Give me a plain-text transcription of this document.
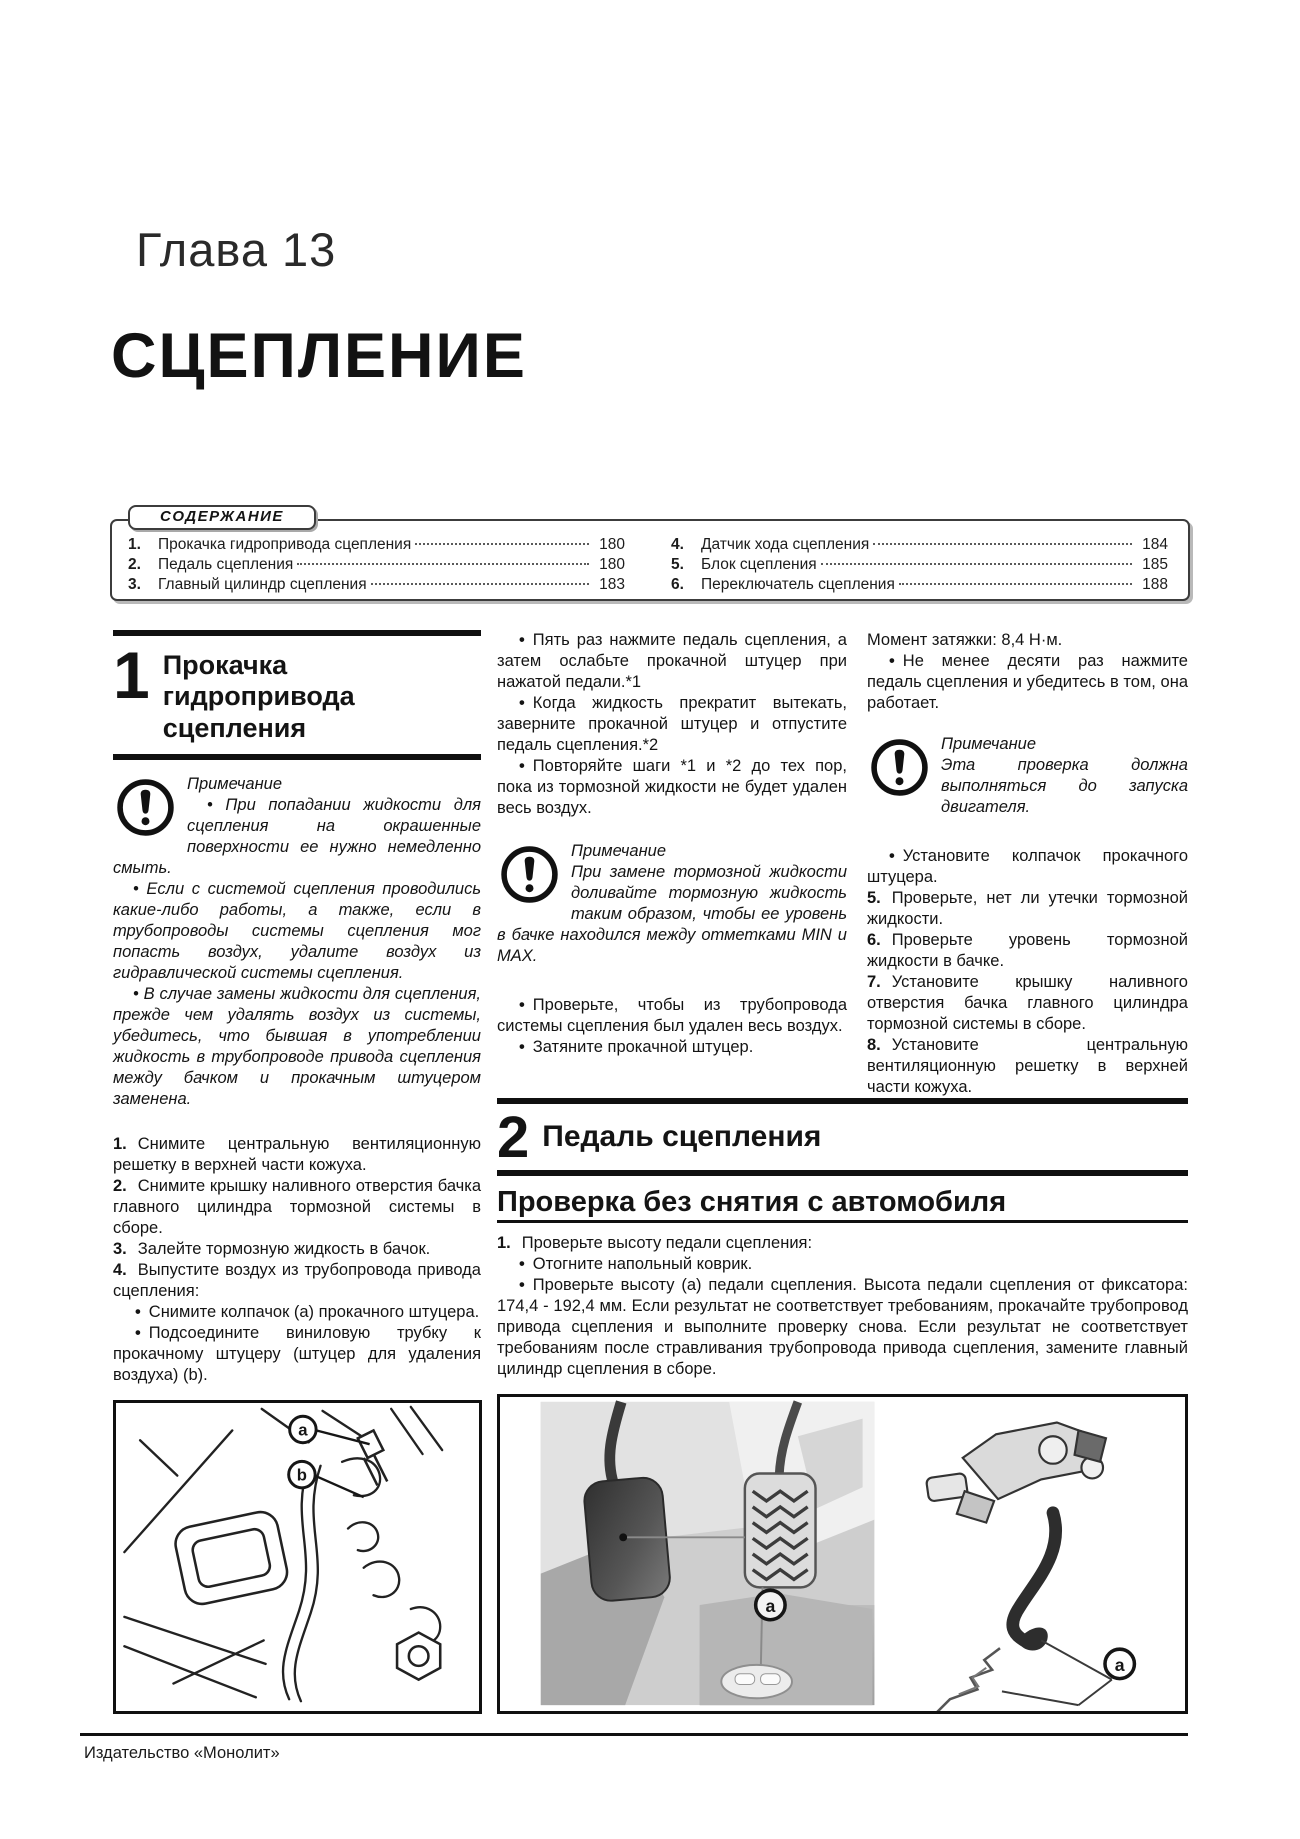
Глава 13
СЦЕПЛЕНИЕ
СОДЕРЖАНИЕ
1.	Прокачка гидропривода сцепления	180
2.	Педаль сцепления	180
3.	Главный цилиндр сцепления	183
4.	Датчик хода сцепления	184
5.	Блок сцепления	185
6.	Переключатель сцепления	188
1 Прокачка гидропривода сцепления

Примечание

• При попадании жидкости для сцепления на окрашенные поверхности ее нужно немедленно смыть.

• Если с системой сцепления проводились какие-либо работы, а также, если в трубопроводы системы сцепления мог попасть воздух, удалите воздух из гидравлической системы сцепления.

• В случае замены жидкости для сцепления, прежде чем удалять воздух из системы, убедитесь, что бывшая в употреблении жидкость в трубопроводе привода сцепления между бачком и прокачным штуцером заменена.

1. Снимите центральную вентиляционную решетку в верхней части кожуха.

2. Снимите крышку наливного отверстия бачка главного цилиндра тормозной системы в сборе.

3. Залейте тормозную жидкость в бачок.

4. Выпустите воздух из трубопровода привода сцепления:

• Снимите колпачок (a) прокачного штуцера.

• Подсоедините виниловую трубку к прокачному штуцеру (штуцер для удаления воздуха) (b).

• Пять раз нажмите педаль сцепления, а затем ослабьте прокачной штуцер при нажатой педали.*1

• Когда жидкость прекратит вытекать, заверните прокачной штуцер и отпустите педаль сцепления.*2

• Повторяйте шаги *1 и *2 до тех пор, пока из тормозной жидкости не будет удален весь воздух.

Примечание

При замене тормозной жидкости доливайте тормозную жидкость таким образом, чтобы ее уровень в бачке находился между отметками MIN и MAX.

• Проверьте, чтобы из трубопровода системы сцепления был удален весь воздух.

• Затяните прокачной штуцер.

Момент затяжки: 8,4 Н·м.

• Не менее десяти раз нажмите педаль сцепления и убедитесь в том, она работает.

Примечание

Эта проверка должна выполняться до запуска двигателя.

• Установите колпачок прокачного штуцера.

5. Проверьте, нет ли утечки тормозной жидкости.

6. Проверьте уровень тормозной жидкости в бачке.

7. Установите крышку наливного отверстия бачка главного цилиндра тормозной системы в сборе.

8. Установите центральную вентиляционную решетку в верхней части кожуха.

2 Педаль сцепления
Проверка без снятия с автомобиля

1. Проверьте высоту педали сцепления:

• Отогните напольный коврик.

• Проверьте высоту (a) педали сцепления. Высота педали сцепления от фиксатора: 174,4 - 192,4 мм. Если результат не соответствует требованиям, прокачайте трубопровод привода сцепления и выполните проверку снова. Если результат не соответствует требованиям после стравливания трубопровода привода сцепления, замените главный цилиндр сцепления в сборе.

a
b
a
a
Издательство «Монолит»
